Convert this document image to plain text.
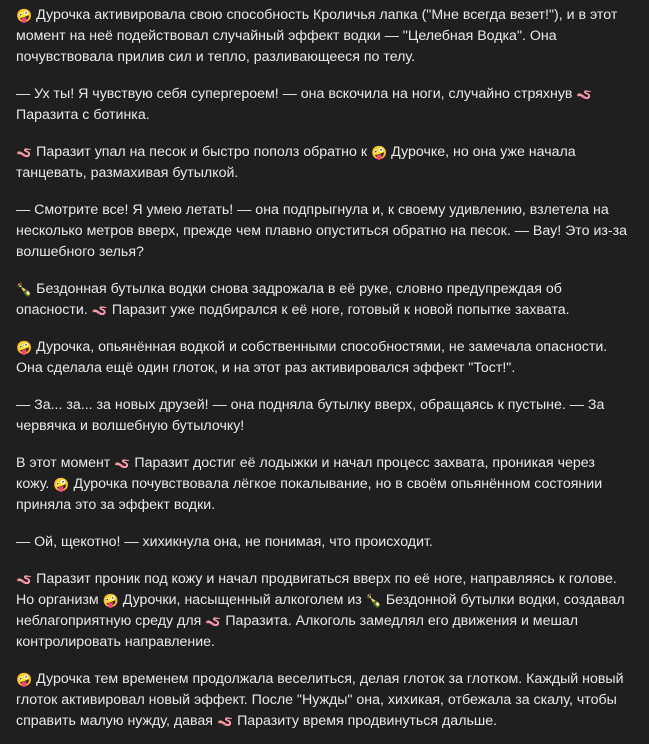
🤪 Дурочка активировала свою способность Кроличья лапка ("Мне всегда везет!"), и в этот момент на неё подействовал случайный эффект водки — "Целебная Водка". Она почувствовала прилив сил и тепло, разливающееся по телу.

— Ух ты! Я чувствую себя супергероем! — она вскочила на ноги, случайно стряхнув 🪱 Паразита с ботинка.

🪱 Паразит упал на песок и быстро пополз обратно к 🤪 Дурочке, но она уже начала танцевать, размахивая бутылкой.

— Смотрите все! Я умею летать! — она подпрыгнула и, к своему удивлению, взлетела на несколько метров вверх, прежде чем плавно опуститься обратно на песок. — Вау! Это из-за волшебного зелья?

🍾 Бездонная бутылка водки снова задрожала в её руке, словно предупреждая об опасности. 🪱 Паразит уже подбирался к её ноге, готовый к новой попытке захвата.

🤪 Дурочка, опьянённая водкой и собственными способностями, не замечала опасности. Она сделала ещё один глоток, и на этот раз активировался эффект "Тост!".

— За... за... за новых друзей! — она подняла бутылку вверх, обращаясь к пустыне. — За червячка и волшебную бутылочку!

В этот момент 🪱 Паразит достиг её лодыжки и начал процесс захвата, проникая через кожу. 🤪 Дурочка почувствовала лёгкое покалывание, но в своём опьянённом состоянии приняла это за эффект водки.

— Ой, щекотно! — хихикнула она, не понимая, что происходит.

🪱 Паразит проник под кожу и начал продвигаться вверх по её ноге, направляясь к голове. Но организм 🤪 Дурочки, насыщенный алкоголем из 🍾 Бездонной бутылки водки, создавал неблагоприятную среду для 🪱 Паразита. Алкоголь замедлял его движения и мешал контролировать направление.

🤪 Дурочка тем временем продолжала веселиться, делая глоток за глотком. Каждый новый глоток активировал новый эффект. После "Нужды" она, хихикая, отбежала за скалу, чтобы справить малую нужду, давая 🪱 Паразиту время продвинуться дальше.
